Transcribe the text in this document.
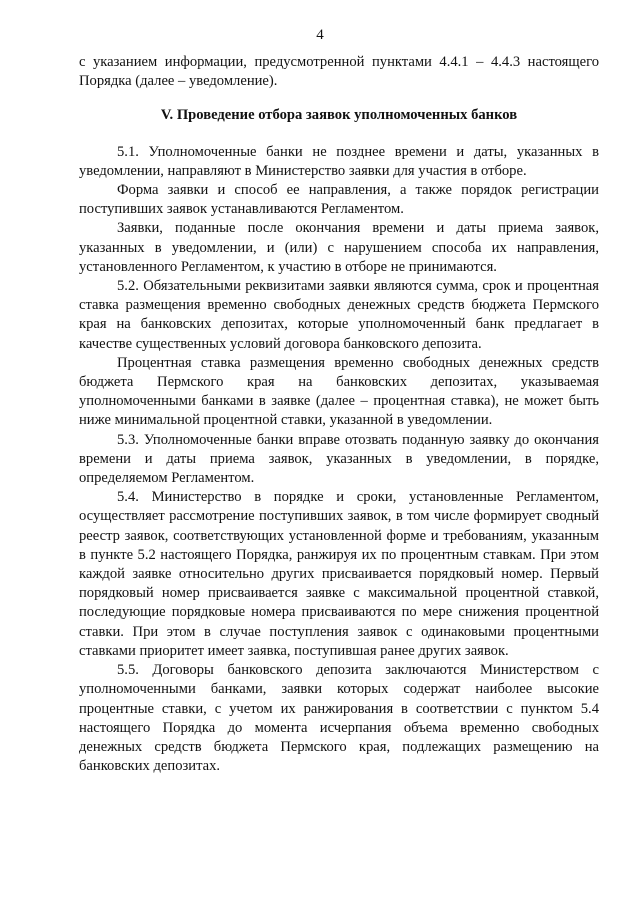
4

с указанием информации, предусмотренной пунктами 4.4.1 – 4.4.3 настоящего Порядка (далее – уведомление).

V. Проведение отбора заявок уполномоченных банков

5.1. Уполномоченные банки не позднее времени и даты, указанных в уведомлении, направляют в Министерство заявки для участия в отборе.

Форма заявки и способ ее направления, а также порядок регистрации поступивших заявок устанавливаются Регламентом.

Заявки, поданные после окончания времени и даты приема заявок, указанных в уведомлении, и (или) с нарушением способа их направления, установленного Регламентом, к участию в отборе не принимаются.

5.2. Обязательными реквизитами заявки являются сумма, срок и процентная ставка размещения временно свободных денежных средств бюджета Пермского края на банковских депозитах, которые уполномоченный банк предлагает в качестве существенных условий договора банковского депозита.

Процентная ставка размещения временно свободных денежных средств бюджета Пермского края на банковских депозитах, указываемая уполномоченными банками в заявке (далее – процентная ставка), не может быть ниже минимальной процентной ставки, указанной в уведомлении.

5.3. Уполномоченные банки вправе отозвать поданную заявку до окончания времени и даты приема заявок, указанных в уведомлении, в порядке, определяемом Регламентом.

5.4. Министерство в порядке и сроки, установленные Регламентом, осуществляет рассмотрение поступивших заявок, в том числе формирует сводный реестр заявок, соответствующих установленной форме и требованиям, указанным в пункте 5.2 настоящего Порядка, ранжируя их по процентным ставкам. При этом каждой заявке относительно других присваивается порядковый номер. Первый порядковый номер присваивается заявке с максимальной процентной ставкой, последующие порядковые номера присваиваются по мере снижения процентной ставки. При этом в случае поступления заявок с одинаковыми процентными ставками приоритет имеет заявка, поступившая ранее других заявок.

5.5. Договоры банковского депозита заключаются Министерством с уполномоченными банками, заявки которых содержат наиболее высокие процентные ставки, с учетом их ранжирования в соответствии с пунктом 5.4 настоящего Порядка до момента исчерпания объема временно свободных денежных средств бюджета Пермского края, подлежащих размещению на банковских депозитах.
